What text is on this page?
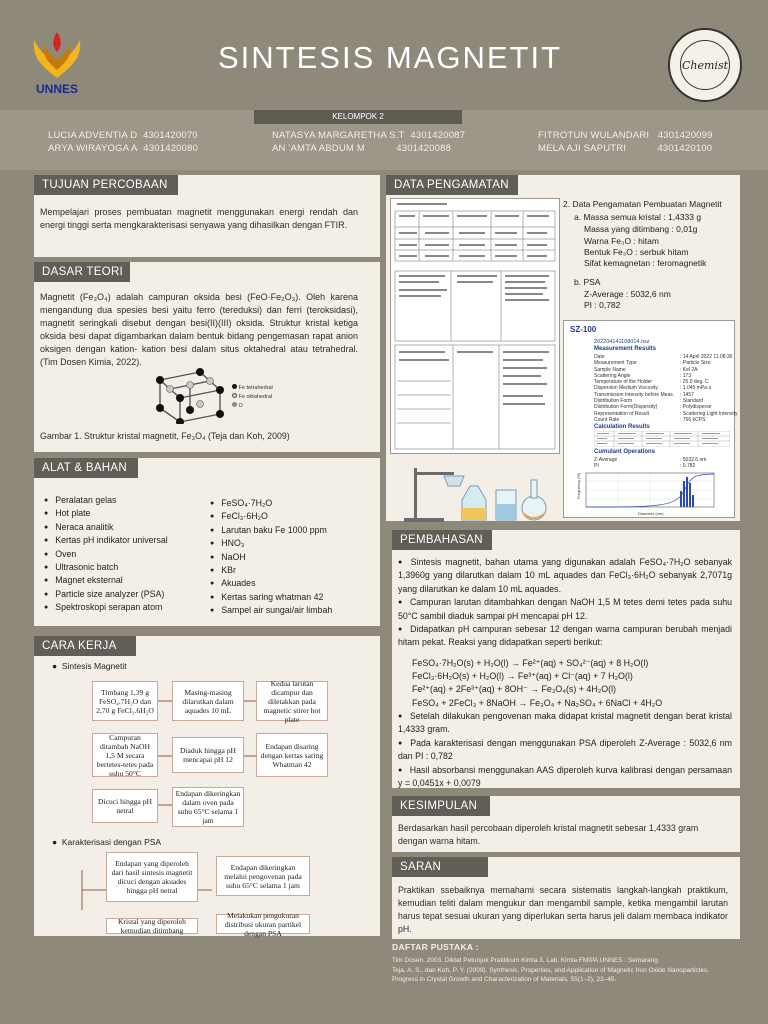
UNNES
SINTESIS MAGNETIT	Chemist
KELOMPOK 2
LUCIA ADVENTIA D 4301420070
ARYA WIRAYOGA A 4301420080
NATASYA MARGARETHA S.T 4301420087
AN 'AMTA ABDUM M	4301420088
FITROTUN WULANDARI 4301420099
MELA AJI SAPUTRI	4301420100
TUJUAN PERCOBAAN
Mempelajari proses pembuatan magnetit menggunakan energi rendah dan energi tinggi serta mengkarakterisasi senyawa yang dihasilkan dengan FTIR.
DASAR TEORI
Magnetit (Fe₃O₄) adalah campuran oksida besi (FeO·Fe₂O₃). Oleh karena mengandung dua spesies besi yaitu ferro (tereduksi) dan ferri (teroksidasi), magnetit seringkali disebut dengan besi(II)(III) oksida. Struktur kristal ketiga oksida besi dapat digambarkan dalam bentuk bidang pengemasan rapat anion oksigen dengan kation- kation besi dalam situs oktahedral atau tetrahedral. (Tim Dosen Kimia, 2022).
Fe tetrahedral
Fe oktahedral
O
Gambar 1. Struktur kristal magnetit, Fe₃O₄ (Teja dan Koh, 2009)
ALAT & BAHAN
● Peralatan gelas
● Hot plate
● Neraca analitik
● Kertas pH indikator universal
● Oven
● Ultrasonic batch
● Magnet eksternal
● Particle size analyzer (PSA)
● Spektroskopi serapan atom
● FeSO₄·7H₂O
● FeCl₃·6H₂O
● Larutan baku Fe 1000 ppm
● HNO₃
● NaOH
● KBr
● Akuades
● Kertas saring whatman 42
● Sampel air sungai/air limbah
CARA KERJA
●  Sintesis Magnetit
Timbang 1,39 g FeSO₄.7H₂O dan 2,70 g FeCl₃.6H₂O
Masing-masing dilarutkan dalam aquades 10 mL
Kedua larutan dicampur dan diletakkan pada magnetic stirer hot plate
Campuran ditambah NaOH 1,5 M secara bertetes-tetes pada suhu 50°C
Diaduk hingga pH mencapai pH 12
Endapan disaring dengan kertas saring Whatman 42
Dicuci hingga pH netral
Endapan dikeringkan dalam oven pada suhu 65°C selama 1 jam
●  Karakterisasi dengan PSA
Endapan yang diperoleh dari hasil sintesis magnetit dicuci dengan akuades hingga pH netral
Endapan dikeringkan melalui pengovenan pada suhu 65°C selama 1 jam
Kristal yang diperoleh kemudian ditimbang
Melakukan pengukuran distribusi ukuran partikel dengan PSA
DATA PENGAMATAN
2. Data Pengamatan Pembuatan Magnetit
a. Massa semua kristal : 1,4333 g
Massa yang ditimbang : 0,01g
Warna Fe₃O : hitam
Bentuk Fe₃O : serbuk hitam
Sifat kemagnetan : feromagnetik
b. PSA
Z-Average : 5032,6 nm
PI : 0,782
SZ-100
20220414110801​4.nsz
Measurement Results
Date	: 14 April 2022 11:08:30
Measurement Type	: Particle Size
Sample Name	: Kel 2A
Scattering Angle	: 173
Temperature of the Holder	: 25.0 deg. C
Dispersion Medium Viscosity	: 1.045 mPa·s
Transmission Intensity before Meas. : 1457
Distribution Form	: Standard
Distribution Form(Dispersity)	: Polydisperse
Representation of Result	: Scattering Light Intensity
Count Rate	: 766 kCPS
Calculation Results
Cumulant Operations
Z-Average	: 5032.6 nm
PI	: 0.782
Frequency (%)
Diameter (nm)
PEMBAHASAN
● Sintesis magnetit, bahan utama yang digunakan adalah FeSO₄·7H₂O sebanyak 1,3960g yang dilarutkan dalam 10 mL aquades dan FeCl₃·6H₂O sebanyak 2,7071g yang dilarutkan ke dalam 10 mL aquades.
● Campuran larutan ditambahkan dengan NaOH 1,5 M tetes demi tetes pada suhu 50°C sambil diaduk sampai pH mencapai pH 12.
● Didapatkan pH campuran sebesar 12 dengan warna campuran berubah menjadi hitam pekat. Reaksi yang didapatkan seperti berikut:
FeSO₄·7H₂O(s) + H₂O(l) → Fe²⁺(aq) + SO₄²⁻(aq) + 8 H₂O(l)
FeCl₃·6H₂O(s) + H₂O(l) → Fe³⁺(aq) + Cl⁻(aq) + 7 H₂O(l)
Fe²⁺(aq) + 2Fe³⁺(aq) + 8OH⁻ → Fe₃O₄(s) + 4H₂O(l)
FeSO₄ + 2FeCl₃ + 8NaOH → Fe₃O₄ + Na₂SO₄ + 6NaCl + 4H₂O
● Setelah dilakukan pengovenan maka didapat kristal magnetit dengan berat kristal 1,4333 gram.
● Pada karakterisasi dengan menggunakan PSA diperoleh Z-Average : 5032,6 nm dan PI : 0,782
● Hasil absorbansi menggunakan AAS diperoleh kurva kalibrasi dengan persamaan y = 0,0451x + 0,0079
KESIMPULAN
Berdasarkan hasil percobaan diperoleh kristal magnetit sebesar 1,4333 gram dengan warna hitam.
SARAN
Praktikan ssebaiknya memahami secara sistematis langkah-langkah praktikum, kemudian teliti dalam mengukur dan mengambil sample, ketika mengambil larutan harus tepat sesuai ukuran yang diperlukan serta harus jeli dalam membaca indikator pH.
DAFTAR PUSTAKA :
Tim Dosen. 2003. Diktat Petunjuk Praktikum Kimia 3. Lab. Kimia FMIPA UNNES : Semarang
Teja, A. S., dan Koh, P. Y. (2009). Synthesis, Properties, and Application of Magnetic Iron Oxide Nanoparticles. Progress in Crystal Growth and Characterization of Materials, 55(1–2), 22–45.
